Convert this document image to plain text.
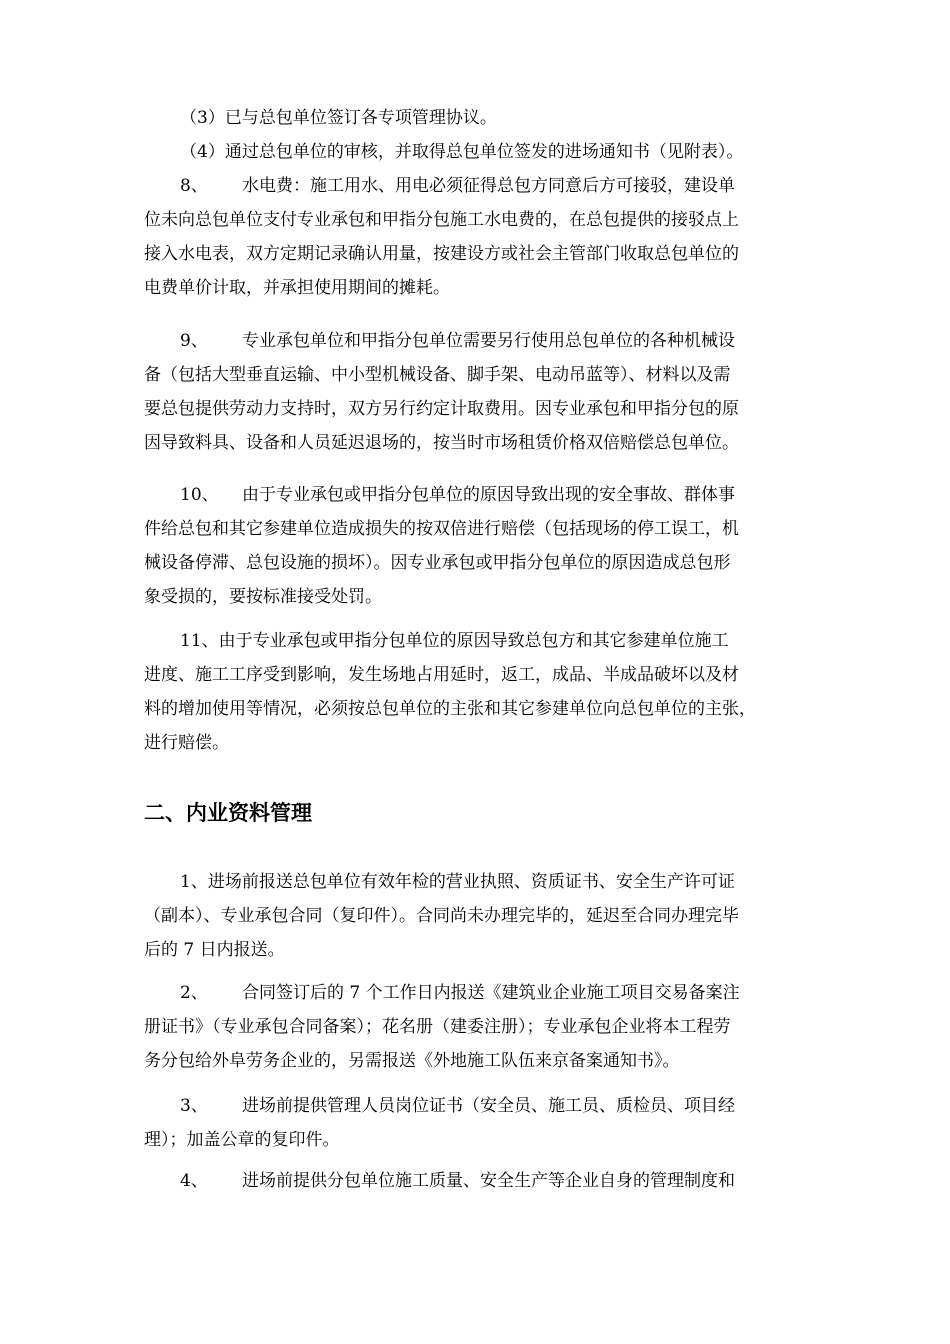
（3）已与总包单位签订各专项管理协议。

（4）通过总包单位的审核，并取得总包单位签发的进场通知书（见附表）。

8、 水电费：施工用水、用电必须征得总包方同意后方可接驳，建设单
位未向总包单位支付专业承包和甲指分包施工水电费的，在总包提供的接驳点上
接入水电表，双方定期记录确认用量，按建设方或社会主管部门收取总包单位的
电费单价计取，并承担使用期间的摊耗。

9、 专业承包单位和甲指分包单位需要另行使用总包单位的各种机械设
备（包括大型垂直运输、中小型机械设备、脚手架、电动吊蓝等）、材料以及需
要总包提供劳动力支持时，双方另行约定计取费用。因专业承包和甲指分包的原
因导致料具、设备和人员延迟退场的，按当时市场租赁价格双倍赔偿总包单位。

10、 由于专业承包或甲指分包单位的原因导致出现的安全事故、群体事
件给总包和其它参建单位造成损失的按双倍进行赔偿（包括现场的停工误工，机
械设备停滞、总包设施的损坏）。因专业承包或甲指分包单位的原因造成总包形
象受损的，要按标准接受处罚。

11、由于专业承包或甲指分包单位的原因导致总包方和其它参建单位施工
进度、施工工序受到影响，发生场地占用延时，返工，成品、半成品破坏以及材
料的增加使用等情况，必须按总包单位的主张和其它参建单位向总包单位的主张，
进行赔偿。

二、内业资料管理

1、进场前报送总包单位有效年检的营业执照、资质证书、安全生产许可证
（副本）、专业承包合同（复印件）。合同尚未办理完毕的，延迟至合同办理完毕
后的 7 日内报送。

2、 合同签订后的 7 个工作日内报送《建筑业企业施工项目交易备案注
册证书》（专业承包合同备案）；花名册（建委注册）；专业承包企业将本工程劳
务分包给外阜劳务企业的，另需报送《外地施工队伍来京备案通知书》。

3、 进场前提供管理人员岗位证书（安全员、施工员、质检员、项目经
理）；加盖公章的复印件。

4、 进场前提供分包单位施工质量、安全生产等企业自身的管理制度和
